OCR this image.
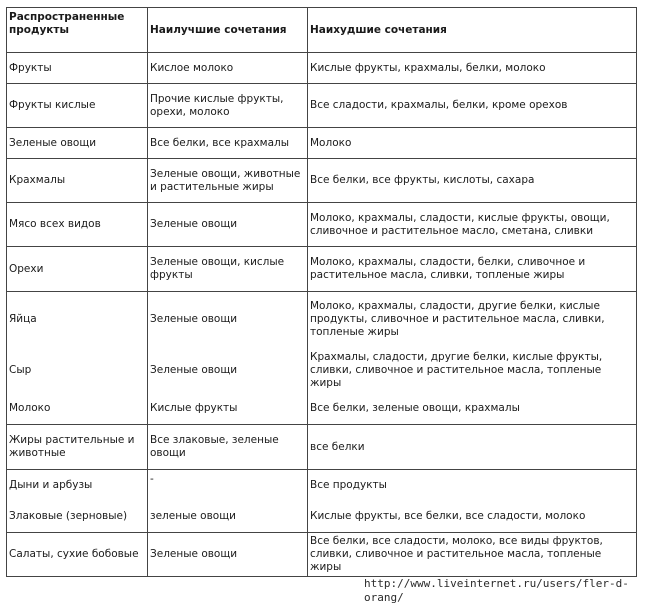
Распространенные продукты	Наилучшие сочетания	Наихудшие сочетания
Фрукты	Кислое молоко	Кислые фрукты, крахмалы, белки, молоко
Фрукты кислые	Прочие кислые фрукты, орехи, молоко	Все сладости, крахмалы, белки, кроме орехов
Зеленые овощи	Все белки, все крахмалы	Молоко
Крахмалы	Зеленые овощи, животные и растительные жиры	Все белки, все фрукты, кислоты, сахара
Мясо всех видов	Зеленые овощи	Молоко, крахмалы, сладости, кислые фрукты, овощи, сливочное и растительное масло, сметана, сливки
Орехи	Зеленые овощи, кислые фрукты	Молоко, крахмалы, сладости, белки, сливочное и растительное масла, сливки, топленые жиры
Яйца	Зеленые овощи	Молоко, крахмалы, сладости, другие белки, кислые продукты, сливочное и растительное масла, сливки, топленые жиры
Сыр	Зеленые овощи	Крахмалы, сладости, другие белки, кислые фрукты, сливки, сливочное и растительное масла, топленые жиры
Молоко	Кислые фрукты	Все белки, зеленые овощи, крахмалы
Жиры растительные и животные	Все злаковые, зеленые овощи	все белки
Дыни и арбузы	-	Все продукты
Злаковые (зерновые)	зеленые овощи	Кислые фрукты, все белки, все сладости, молоко
Салаты, сухие бобовые	Зеленые овощи	Все белки, все сладости, молоко, все виды фруктов, сливки, сливочное и растительное масла, топленые жиры
http://www.liveinternet.ru/users/fler-d-orang/
